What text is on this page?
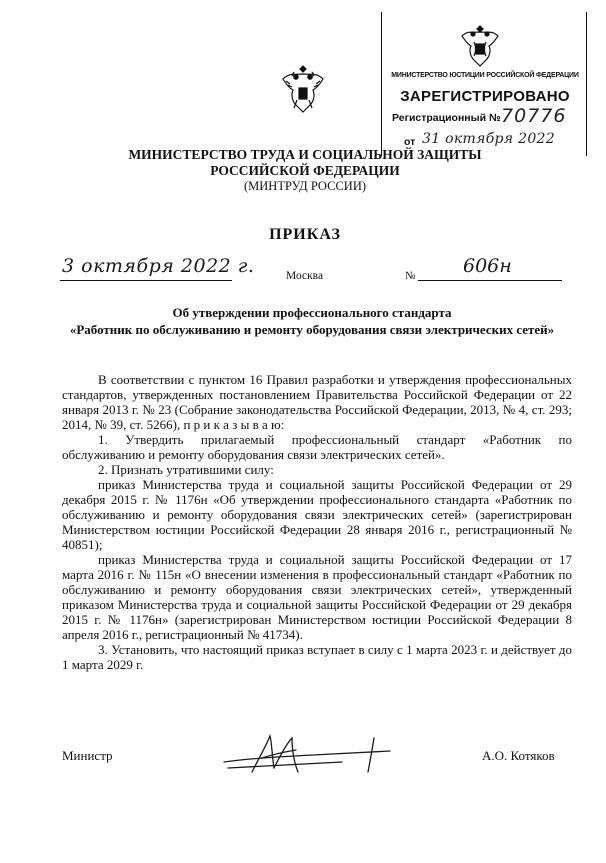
МИНИСТЕРСТВО ЮСТИЦИИ РОССИЙСКОЙ ФЕДЕРАЦИИ
ЗАРЕГИСТРИРОВАНО
Регистрационный № 70776
от 31 октября 2022
МИНИСТЕРСТВО ТРУДА И СОЦИАЛЬНОЙ ЗАЩИТЫ
РОССИЙСКОЙ ФЕДЕРАЦИИ
(МИНТРУД РОССИИ)
ПРИКАЗ
3 октября 2022 г.	Москва	№	606н
Об утверждении профессионального стандарта
«Работник по обслуживанию и ремонту оборудования связи электрических сетей»

В соответствии с пунктом 16 Правил разработки и утверждения профессиональных стандартов, утвержденных постановлением Правительства Российской Федерации от 22 января 2013 г. № 23 (Собрание законодательства Российской Федерации, 2013, № 4, ст. 293; 2014, № 39, ст. 5266), п р и к а з ы в а ю:

1. Утвердить прилагаемый профессиональный стандарт «Работник по обслуживанию и ремонту оборудования связи электрических сетей».

2. Признать утратившими силу:

приказ Министерства труда и социальной защиты Российской Федерации от 29 декабря 2015 г. № 1176н «Об утверждении профессионального стандарта «Работник по обслуживанию и ремонту оборудования связи электрических сетей» (зарегистрирован Министерством юстиции Российской Федерации 28 января 2016 г., регистрационный № 40851);

приказ Министерства труда и социальной защиты Российской Федерации от 17 марта 2016 г. № 115н «О внесении изменения в профессиональный стандарт «Работник по обслуживанию и ремонту оборудования связи электрических сетей», утвержденный приказом Министерства труда и социальной защиты Российской Федерации от 29 декабря 2015 г. № 1176н» (зарегистрирован Министерством юстиции Российской Федерации 8 апреля 2016 г., регистрационный № 41734).

3. Установить, что настоящий приказ вступает в силу с 1 марта 2023 г. и действует до 1 марта 2029 г.

Министр	А.О. Котяков
